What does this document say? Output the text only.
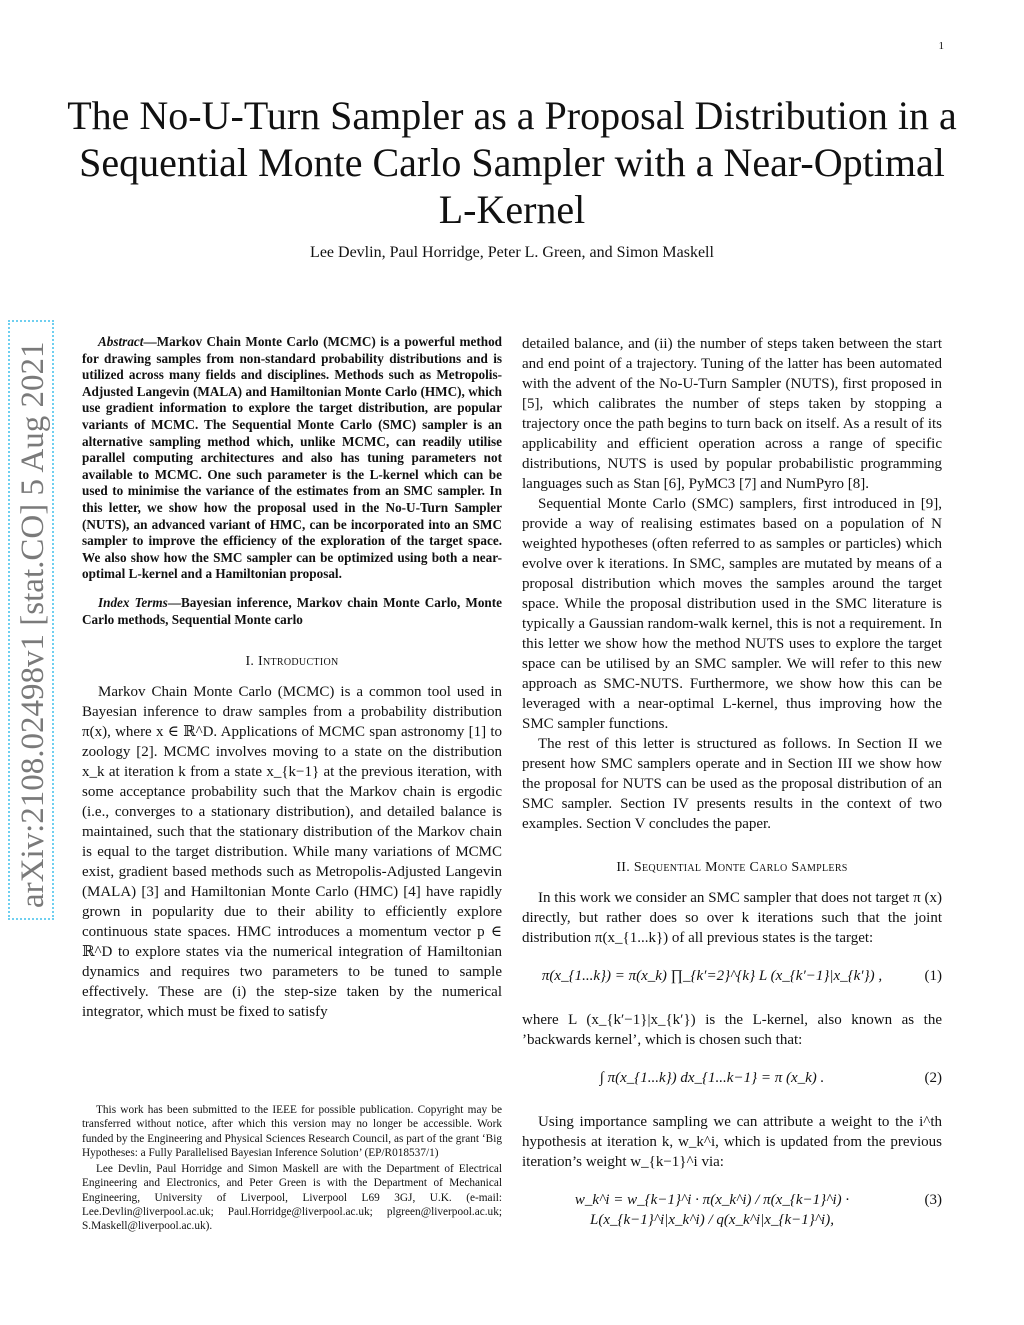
1
arXiv:2108.02498v1 [stat.CO] 5 Aug 2021
The No-U-Turn Sampler as a Proposal Distribution in a Sequential Monte Carlo Sampler with a Near-Optimal L-Kernel
Lee Devlin, Paul Horridge, Peter L. Green, and Simon Maskell

Abstract—Markov Chain Monte Carlo (MCMC) is a powerful method for drawing samples from non-standard probability distributions and is utilized across many fields and disciplines. Methods such as Metropolis-Adjusted Langevin (MALA) and Hamiltonian Monte Carlo (HMC), which use gradient information to explore the target distribution, are popular variants of MCMC. The Sequential Monte Carlo (SMC) sampler is an alternative sampling method which, unlike MCMC, can readily utilise parallel computing architectures and also has tuning parameters not available to MCMC. One such parameter is the L-kernel which can be used to minimise the variance of the estimates from an SMC sampler. In this letter, we show how the proposal used in the No-U-Turn Sampler (NUTS), an advanced variant of HMC, can be incorporated into an SMC sampler to improve the efficiency of the exploration of the target space. We also show how the SMC sampler can be optimized using both a near-optimal L-kernel and a Hamiltonian proposal.

Index Terms—Bayesian inference, Markov chain Monte Carlo, Monte Carlo methods, Sequential Monte carlo

I. Introduction

Markov Chain Monte Carlo (MCMC) is a common tool used in Bayesian inference to draw samples from a probability distribution π(x), where x ∈ ℝ^D. Applications of MCMC span astronomy [1] to zoology [2]. MCMC involves moving to a state on the distribution x_k at iteration k from a state x_{k−1} at the previous iteration, with some acceptance probability such that the Markov chain is ergodic (i.e., converges to a stationary distribution), and detailed balance is maintained, such that the stationary distribution of the Markov chain is equal to the target distribution. While many variations of MCMC exist, gradient based methods such as Metropolis-Adjusted Langevin (MALA) [3] and Hamiltonian Monte Carlo (HMC) [4] have rapidly grown in popularity due to their ability to efficiently explore continuous state spaces. HMC introduces a momentum vector p ∈ ℝ^D to explore states via the numerical integration of Hamiltonian dynamics and requires two parameters to be tuned to sample effectively. These are (i) the step-size taken by the numerical integrator, which must be fixed to satisfy

This work has been submitted to the IEEE for possible publication. Copyright may be transferred without notice, after which this version may no longer be accessible. Work funded by the Engineering and Physical Sciences Research Council, as part of the grant ‘Big Hypotheses: a Fully Parallelised Bayesian Inference Solution’ (EP/R018537/1)

Lee Devlin, Paul Horridge and Simon Maskell are with the Department of Electrical Engineering and Electronics, and Peter Green is with the Department of Mechanical Engineering, University of Liverpool, Liverpool L69 3GJ, U.K. (e-mail: Lee.Devlin@liverpool.ac.uk; Paul.Horridge@liverpool.ac.uk; plgreen@liverpool.ac.uk; S.Maskell@liverpool.ac.uk).

detailed balance, and (ii) the number of steps taken between the start and end point of a trajectory. Tuning of the latter has been automated with the advent of the No-U-Turn Sampler (NUTS), first proposed in [5], which calibrates the number of steps taken by stopping a trajectory once the path begins to turn back on itself. As a result of its applicability and efficient operation across a range of specific distributions, NUTS is used by popular probabilistic programming languages such as Stan [6], PyMC3 [7] and NumPyro [8].

Sequential Monte Carlo (SMC) samplers, first introduced in [9], provide a way of realising estimates based on a population of N weighted hypotheses (often referred to as samples or particles) which evolve over k iterations. In SMC, samples are mutated by means of a proposal distribution which moves the samples around the target space. While the proposal distribution used in the SMC literature is typically a Gaussian random-walk kernel, this is not a requirement. In this letter we show how the method NUTS uses to explore the target space can be utilised by an SMC sampler. We will refer to this new approach as SMC-NUTS. Furthermore, we show how this can be leveraged with a near-optimal L-kernel, thus improving how the SMC sampler functions.

The rest of this letter is structured as follows. In Section II we present how SMC samplers operate and in Section III we show how the proposal for NUTS can be used as the proposal distribution of an SMC sampler. Section IV presents results in the context of two examples. Section V concludes the paper.

II. Sequential Monte Carlo Samplers

In this work we consider an SMC sampler that does not target π (x) directly, but rather does so over k iterations such that the joint distribution π(x_{1...k}) of all previous states is the target:

π(x_{1...k}) = π(x_k) ∏_{k′=2}^{k} L (x_{k′−1}|x_{k′}) ,	(1)

where L (x_{k′−1}|x_{k′}) is the L-kernel, also known as the ’backwards kernel’, which is chosen such that:

∫ π(x_{1...k}) dx_{1...k−1} = π (x_k) .	(2)

Using importance sampling we can attribute a weight to the i^th hypothesis at iteration k, w_k^i, which is updated from the previous iteration’s weight w_{k−1}^i via:

w_k^i = w_{k−1}^i · π(x_k^i) / π(x_{k−1}^i) · L(x_{k−1}^i|x_k^i) / q(x_k^i|x_{k−1}^i),
(3)
